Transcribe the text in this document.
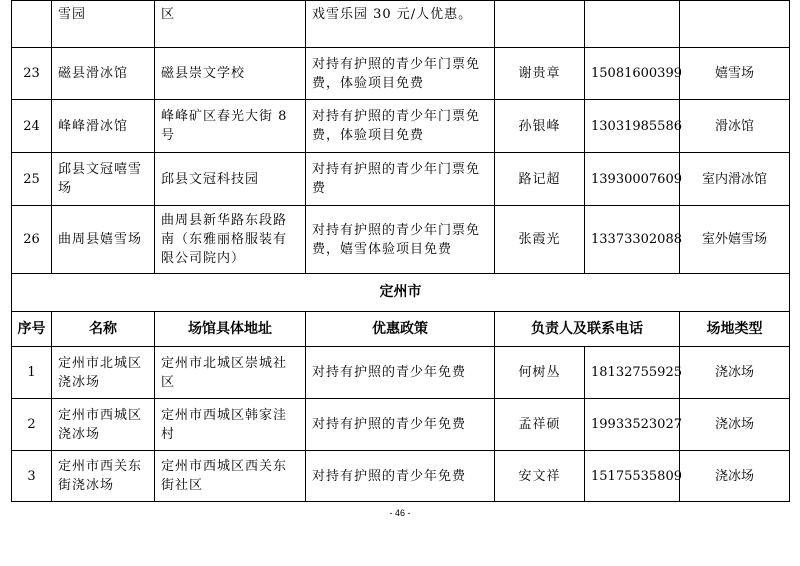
	雪园	区	戏雪乐园 30 元/人优惠。			
23	磁县滑冰馆	磁县崇文学校	对持有护照的青少年门票免费，体验项目免费	谢贵章	15081600399	嬉雪场
24	峰峰滑冰馆	峰峰矿区春光大街 8 号	对持有护照的青少年门票免费，体验项目免费	孙银峰	13031985586	滑冰馆
25	邱县文冠嘻雪场	邱县文冠科技园	对持有护照的青少年门票免费	路记超	13930007609	室内滑冰馆
26	曲周县嬉雪场	曲周县新华路东段路南（东雅丽格服装有限公司院内）	对持有护照的青少年门票免费，嬉雪体验项目免费	张霞光	13373302088	室外嬉雪场
定州市						
序号	名称	场馆具体地址	优惠政策	负责人及联系电话		场地类型
1	定州市北城区浇冰场	定州市北城区崇城社区	对持有护照的青少年免费	何树丛	18132755925	浇冰场
2	定州市西城区浇冰场	定州市西城区韩家洼村	对持有护照的青少年免费	孟祥硕	19933523027	浇冰场
3	定州市西关东街浇冰场	定州市西城区西关东街社区	对持有护照的青少年免费	安文祥	15175535809	浇冰场
- 46 -
